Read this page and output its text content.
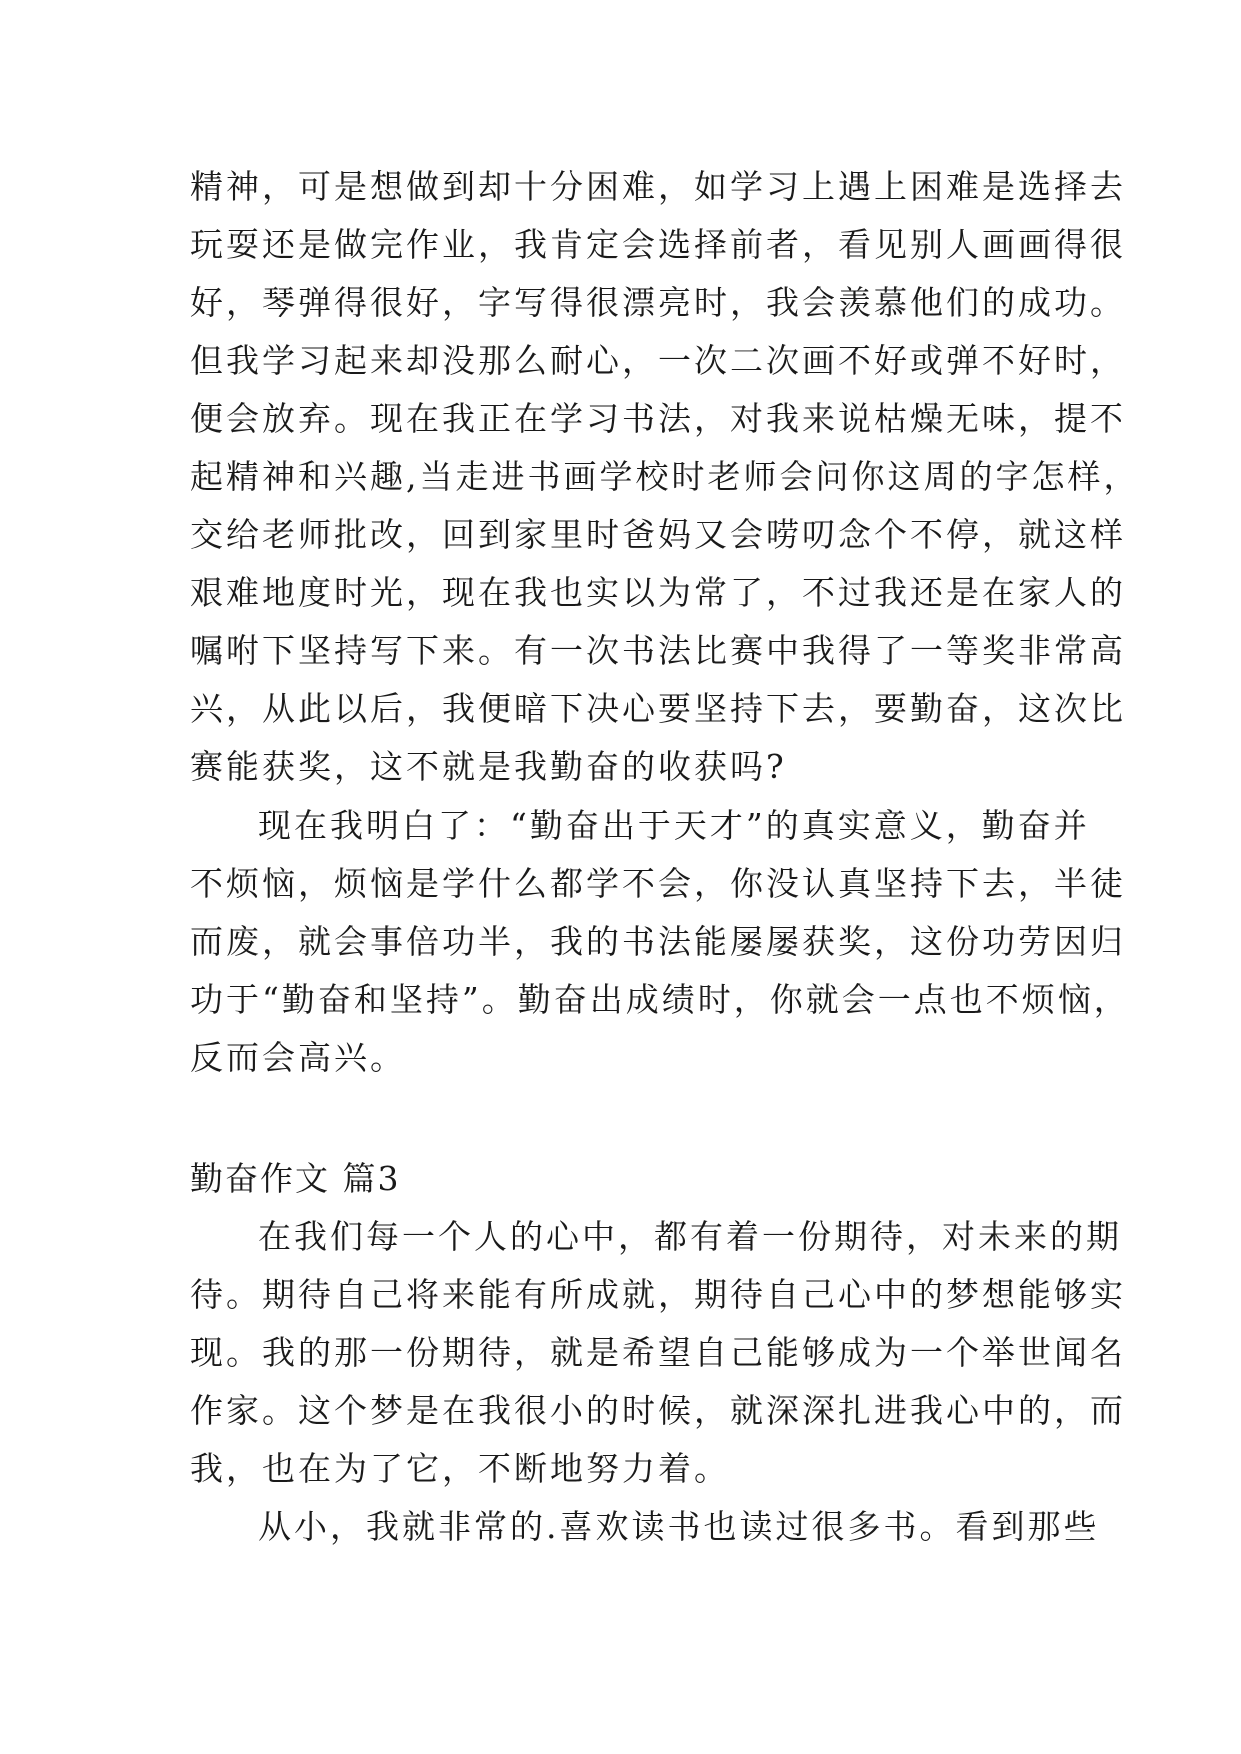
精神，可是想做到却十分困难，如学习上遇上困难是选择去
玩耍还是做完作业，我肯定会选择前者，看见别人画画得很
好，琴弹得很好，字写得很漂亮时，我会羡慕他们的成功。
但我学习起来却没那么耐心，一次二次画不好或弹不好时，
便会放弃。现在我正在学习书法，对我来说枯燥无味，提不
起精神和兴趣,当走进书画学校时老师会问你这周的字怎样，
交给老师批改，回到家里时爸妈又会唠叨念个不停，就这样
艰难地度时光，现在我也实以为常了，不过我还是在家人的
嘱咐下坚持写下来。有一次书法比赛中我得了一等奖非常高
兴，从此以后，我便暗下决心要坚持下去，要勤奋，这次比
赛能获奖，这不就是我勤奋的收获吗?
现在我明白了：“勤奋出于天才”的真实意义，勤奋并
不烦恼，烦恼是学什么都学不会，你没认真坚持下去，半徒
而废，就会事倍功半，我的书法能屡屡获奖，这份功劳因归
功于“勤奋和坚持”。勤奋出成绩时，你就会一点也不烦恼，
反而会高兴。
勤奋作文 篇3
在我们每一个人的心中，都有着一份期待，对未来的期
待。期待自己将来能有所成就，期待自己心中的梦想能够实
现。我的那一份期待，就是希望自己能够成为一个举世闻名
作家。这个梦是在我很小的时候，就深深扎进我心中的，而
我，也在为了它，不断地努力着。
从小，我就非常的.喜欢读书也读过很多书。看到那些
